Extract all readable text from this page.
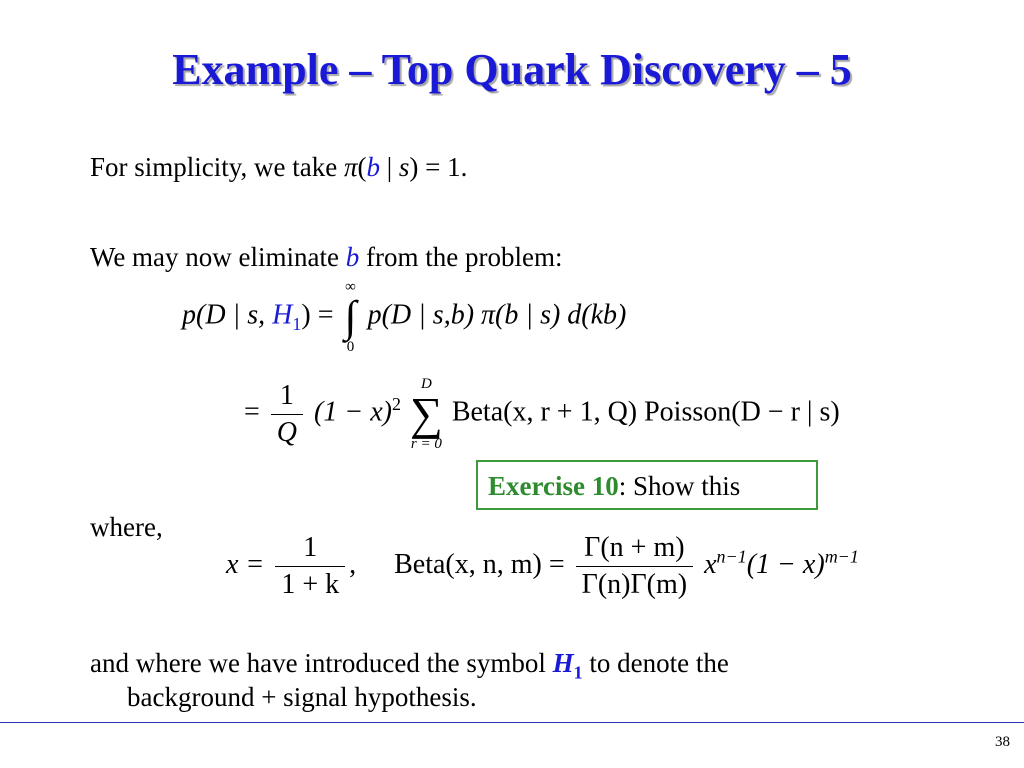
Example – Top Quark Discovery – 5
For simplicity, we take π(b | s) = 1.
We may now eliminate b from the problem:
p(D | s, $H_1$) =
∞
∫
0
p(D | s,b) π(b | s) d(kb)
= $\frac{1}{Q} (1 - x)^2$
D
∑
r = 0
Beta(x, r + 1, Q) Poisson(D − r | s)
Exercise 10: Show this
where,
$x = \frac{1}{1 + k}$ , Beta(x, n, $m) = \frac{\Gamma(n + m)}{\Gamma(n)\Gamma(m)} x^{n-1}(1 - x)^{m-1}$
and where we have introduced the symbol $H_1$ to denote the
background + signal hypothesis.
38
